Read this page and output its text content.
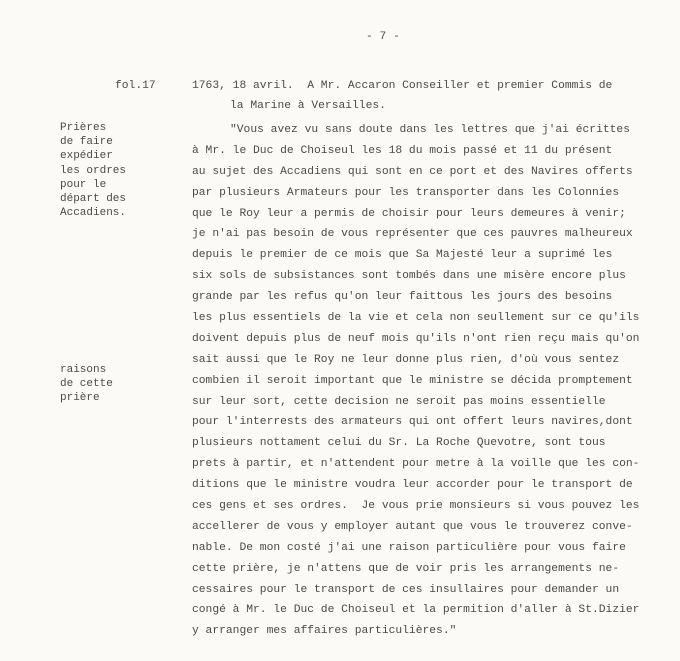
- 7 -
fol.17	1763, 18 avril.  A Mr. Accaron Conseiller et premier Commis de
la Marine à Versailles.
Prières
de faire
expédier
les ordres
pour le
départ des
Accadiens.
raisons
de cette
prière
"Vous avez vu sans doute dans les lettres que j'ai écrittes
à Mr. le Duc de Choiseul les 18 du mois passé et 11 du présent
au sujet des Accadiens qui sont en ce port et des Navires offerts
par plusieurs Armateurs pour les transporter dans les Colonnies
que le Roy leur a permis de choisir pour leurs demeures à venir;
je n'ai pas besoin de vous représenter que ces pauvres malheureux
depuis le premier de ce mois que Sa Majesté leur a suprimé les
six sols de subsistances sont tombés dans une misère encore plus
grande par les refus qu'on leur faittous les jours des besoins
les plus essentiels de la vie et cela non seullement sur ce qu'ils
doivent depuis plus de neuf mois qu'ils n'ont rien reçu mais qu'on
sait aussi que le Roy ne leur donne plus rien, d'où vous sentez
combien il seroit important que le ministre se décida promptement
sur leur sort, cette decision ne seroit pas moins essentielle
pour l'interrests des armateurs qui ont offert leurs navires,dont
plusieurs nottament celui du Sr. La Roche Quevotre, sont tous
prets à partir, et n'attendent pour metre à la voille que les con-
ditions que le ministre voudra leur accorder pour le transport de
ces gens et ses ordres.  Je vous prie monsieurs si vous pouvez les
accellerer de vous y employer autant que vous le trouverez conve-
nable. De mon costé j'ai une raison particulière pour vous faire
cette prière, je n'attens que de voir pris les arrangements ne-
cessaires pour le transport de ces insullaires pour demander un
congé à Mr. le Duc de Choiseul et la permition d'aller à St.Dizier
y arranger mes affaires particulières."
